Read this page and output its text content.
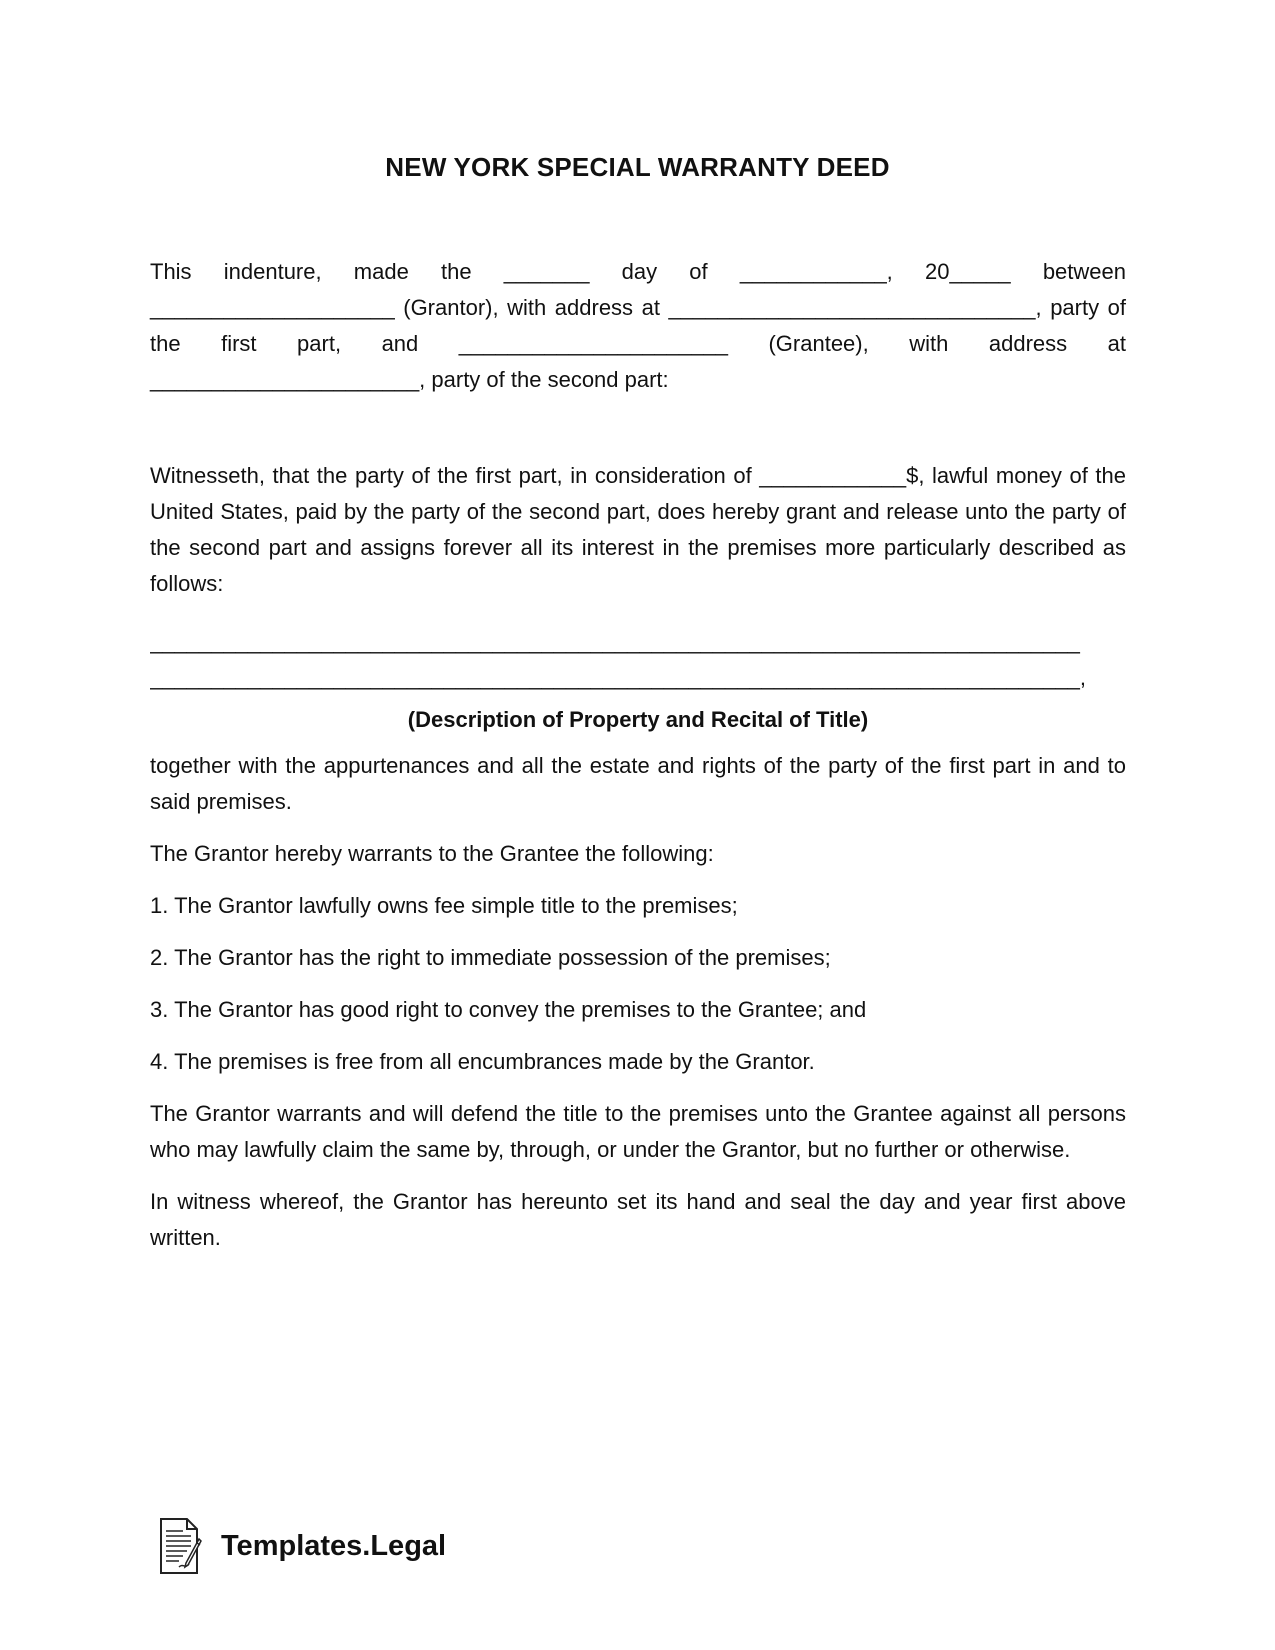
NEW YORK SPECIAL WARRANTY DEED

This indenture, made the _______ day of ____________, 20_____ between ____________________ (Grantor), with address at ______________________________, party of the first part, and ______________________ (Grantee), with address at ______________________, party of the second part:

Witnesseth, that the party of the first part, in consideration of ____________$, lawful money of the United States, paid by the party of the second part, does hereby grant and release unto the party of the second part and assigns forever all its interest in the premises more particularly described as follows:

____________________________________________________________________________
____________________________________________________________________________,
(Description of Property and Recital of Title)

together with the appurtenances and all the estate and rights of the party of the first part in and to said premises.

The Grantor hereby warrants to the Grantee the following:

1. The Grantor lawfully owns fee simple title to the premises;
2. The Grantor has the right to immediate possession of the premises;
3. The Grantor has good right to convey the premises to the Grantee; and
4. The premises is free from all encumbrances made by the Grantor.

The Grantor warrants and will defend the title to the premises unto the Grantee against all persons who may lawfully claim the same by, through, or under the Grantor, but no further or otherwise.

In witness whereof, the Grantor has hereunto set its hand and seal the day and year first above written.

Templates.Legal
